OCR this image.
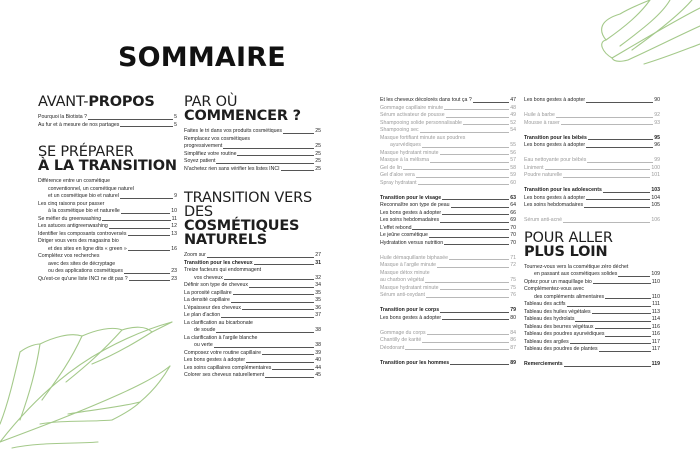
SOMMAIRE
AVANT-PROPOS
Pourquoi la Biotista ?	5
Au fur et à mesure de nos partages	5
SE PRÉPARER
À LA TRANSITION
Différence entre un cosmétique
conventionnel, un cosmétique naturel
et un cosmétique bio et naturel	9
Les cinq raisons pour passer
à la cosmétique bio et naturelle	10
Se méfier du greenwashing	11
Les astuces antigreenwashing	12
Identifier les composants controversés	13
Diriger vous vers des magasins bio
et des sites en ligne dits « green »	16
Complétez vos recherches
avec des sites de décryptage
ou des applications cosmétiques	23
Qu'est-ce qu'une liste INCI ne dit pas ?	23
PAR OÙ
COMMENCER ?
Faites le tri dans vos produits cosmétiques	25
Remplacez vos cosmétiques
progressivement	25
Simplifiez votre routine	25
Soyez patient	25
N'achetez rien sans vérifier les listes INCI	25
TRANSITION VERS DES
COSMÉTIQUES NATURELS
Zoom sur	27
Transition pour les cheveux	31
Treize facteurs qui endommagent
vos cheveux	32
Définir son type de cheveux	34
La porosité capillaire	35
La densité capillaire	35
L'épaisseur des cheveux	36
Le plan d'action	37
La clarification au bicarbonate
de soude	38
La clarification à l'argile blanche
ou verte	38
Composez votre routine capillaire	39
Les bons gestes à adopter	40
Les soins capillaires complémentaires	44
Colorer ses cheveux naturellement	45
Et les cheveux décolorés dans tout ça ?	47
Gommage capillaire minute	48
Sérum activateur de pousse	49
Shampooing solide personnalisable	52
Shampooing sec	54
Masque fortifiant minute aux poudres
ayurvédiques	55
Masque hydratant minute	56
Masque à la mélisma	57
Gel de lin	58
Gel d'aloe vera	59
Spray hydratant	60
Transition pour le visage	63
Reconnaître son type de peau	64
Les bons gestes à adopter	66
Les soins hebdomadaires	69
L'effet rebond	70
Le jeûne cosmétique	70
Hydratation versus nutrition	70
Huile démaquillante biphasée	71
Masque à l'argile minute	72
Masque détox minute
au charbon végétal	75
Masque hydratant minute	75
Sérum anti-oxydant	76
Transition pour le corps	79
Les bons gestes à adopter	80
Gommage du corps	84
Chantilly de karité	86
Déodorant	87
Transition pour les hommes	89
Les bons gestes à adopter	90
Huile à barbe	92
Mousse à raser	93
Transition pour les bébés	95
Les bons gestes à adopter	96
Eau nettoyante pour bébés	99
Liniment	100
Poudre naturelle	101
Transition pour les adolescents	103
Les bons gestes à adopter	104
Les soins hebdomadaires	105
Sérum anti-acné	106
POUR ALLER
PLUS LOIN
Tournez-vous vers la cosmétique zéro déchet
en passant aux cosmétiques solides	109
Optez pour un maquillage bio	110
Complémentez-vous avec
des compléments alimentaires	110
Tableau des actifs	111
Tableau des huiles végétales	113
Tableau des hydrolats	114
Tableau des beurres végétaux	116
Tableau des poudres ayurvédiques	116
Tableau des argiles	117
Tableau des poudres de plantes	117
Remerciements	119
